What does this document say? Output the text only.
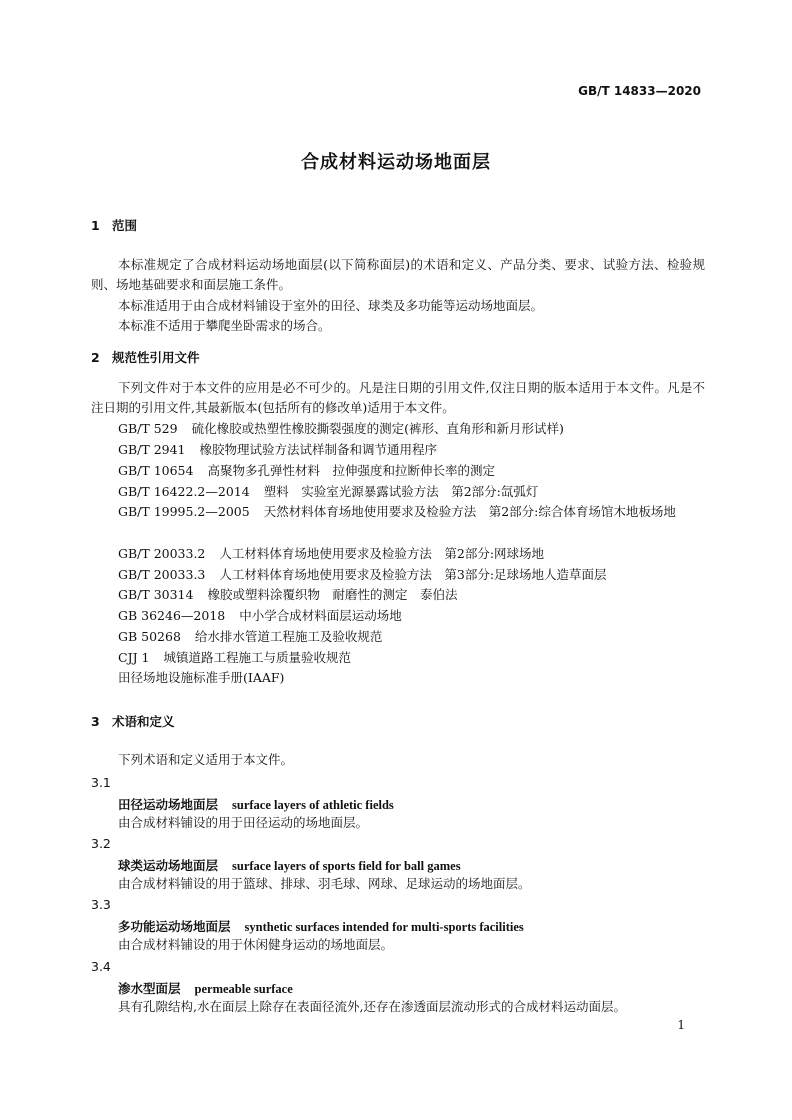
GB/T 14833—2020
合成材料运动场地面层
1 范围
本标准规定了合成材料运动场地面层(以下简称面层)的术语和定义、产品分类、要求、试验方法、检验规则、场地基础要求和面层施工条件。
本标准适用于由合成材料铺设于室外的田径、球类及多功能等运动场地面层。
本标准不适用于攀爬坐卧需求的场合。
2 规范性引用文件
下列文件对于本文件的应用是必不可少的。凡是注日期的引用文件,仅注日期的版本适用于本文件。凡是不注日期的引用文件,其最新版本(包括所有的修改单)适用于本文件。
GB/T 529 硫化橡胶或热塑性橡胶撕裂强度的测定(裤形、直角形和新月形试样)
GB/T 2941 橡胶物理试验方法试样制备和调节通用程序
GB/T 10654 高聚物多孔弹性材料　拉伸强度和拉断伸长率的测定
GB/T 16422.2—2014 塑料　实验室光源暴露试验方法　第2部分:氙弧灯
GB/T 19995.2—2005 天然材料体育场地使用要求及检验方法　第2部分:综合体育场馆木地板场地
GB/T 20033.2 人工材料体育场地使用要求及检验方法　第2部分:网球场地
GB/T 20033.3 人工材料体育场地使用要求及检验方法　第3部分:足球场地人造草面层
GB/T 30314 橡胶或塑料涂覆织物　耐磨性的测定　泰伯法
GB 36246—2018 中小学合成材料面层运动场地
GB 50268 给水排水管道工程施工及验收规范
CJJ 1 城镇道路工程施工与质量验收规范
田径场地设施标准手册(IAAF)
3 术语和定义
下列术语和定义适用于本文件。
3.1
田径运动场地面层 surface layers of athletic fields
由合成材料铺设的用于田径运动的场地面层。
3.2
球类运动场地面层 surface layers of sports field for ball games
由合成材料铺设的用于篮球、排球、羽毛球、网球、足球运动的场地面层。
3.3
多功能运动场地面层 synthetic surfaces intended for multi-sports facilities
由合成材料铺设的用于休闲健身运动的场地面层。
3.4
渗水型面层 permeable surface
具有孔隙结构,水在面层上除存在表面径流外,还存在渗透面层流动形式的合成材料运动面层。
1
